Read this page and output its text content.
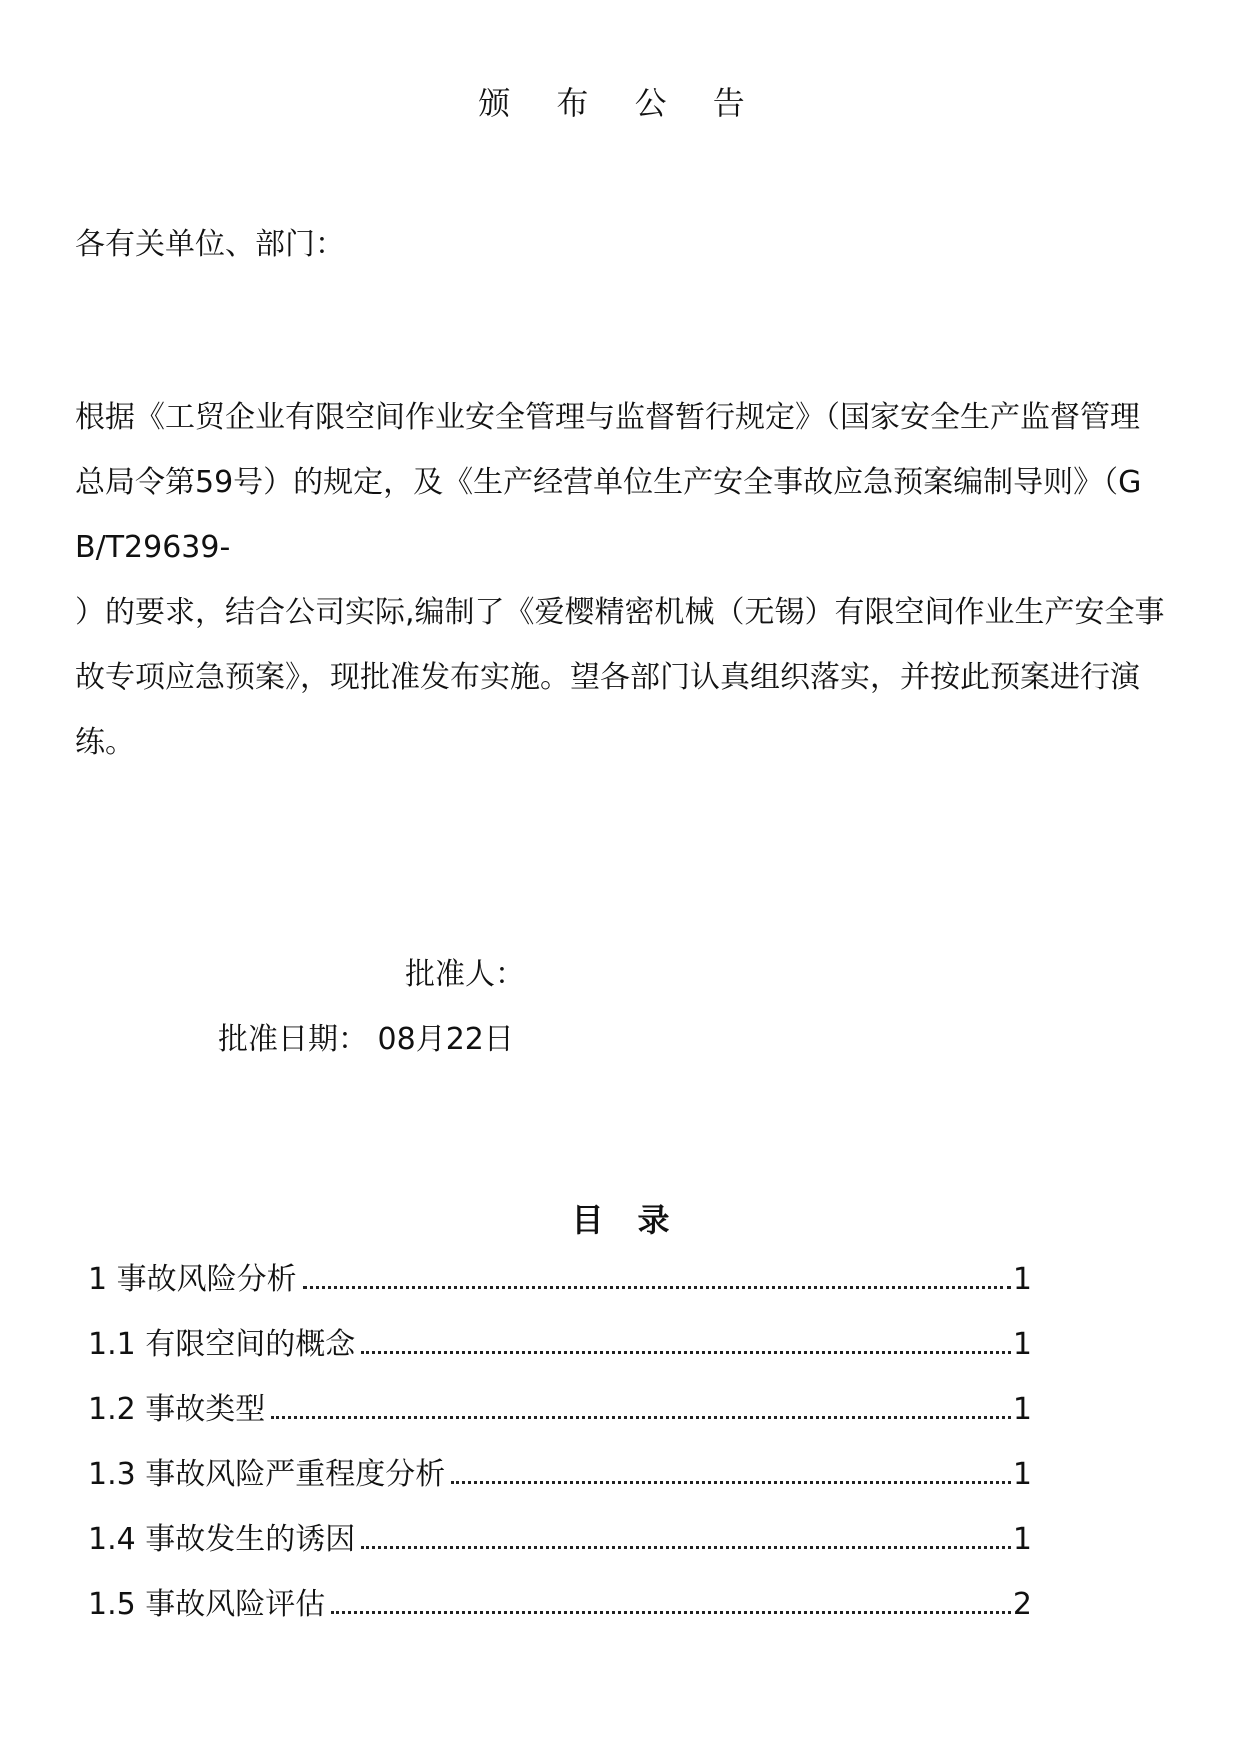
颁 布 公 告
各有关单位、部门：
根据《工贸企业有限空间作业安全管理与监督暂行规定》（国家安全生产监督管理
总局令第59号）的规定，及《生产经营单位生产安全事故应急预案编制导则》（G
B/T29639-
）的要求，结合公司实际,编制了《爱樱精密机械（无锡）有限空间作业生产安全事
故专项应急预案》，现批准发布实施。望各部门认真组织落实，并按此预案进行演
练。
批准人：
批准日期： 08月22日
目录
1 事故风险分析	1
1.1 有限空间的概念	1
1.2 事故类型	1
1.3 事故风险严重程度分析	1
1.4 事故发生的诱因	1
1.5 事故风险评估	2
